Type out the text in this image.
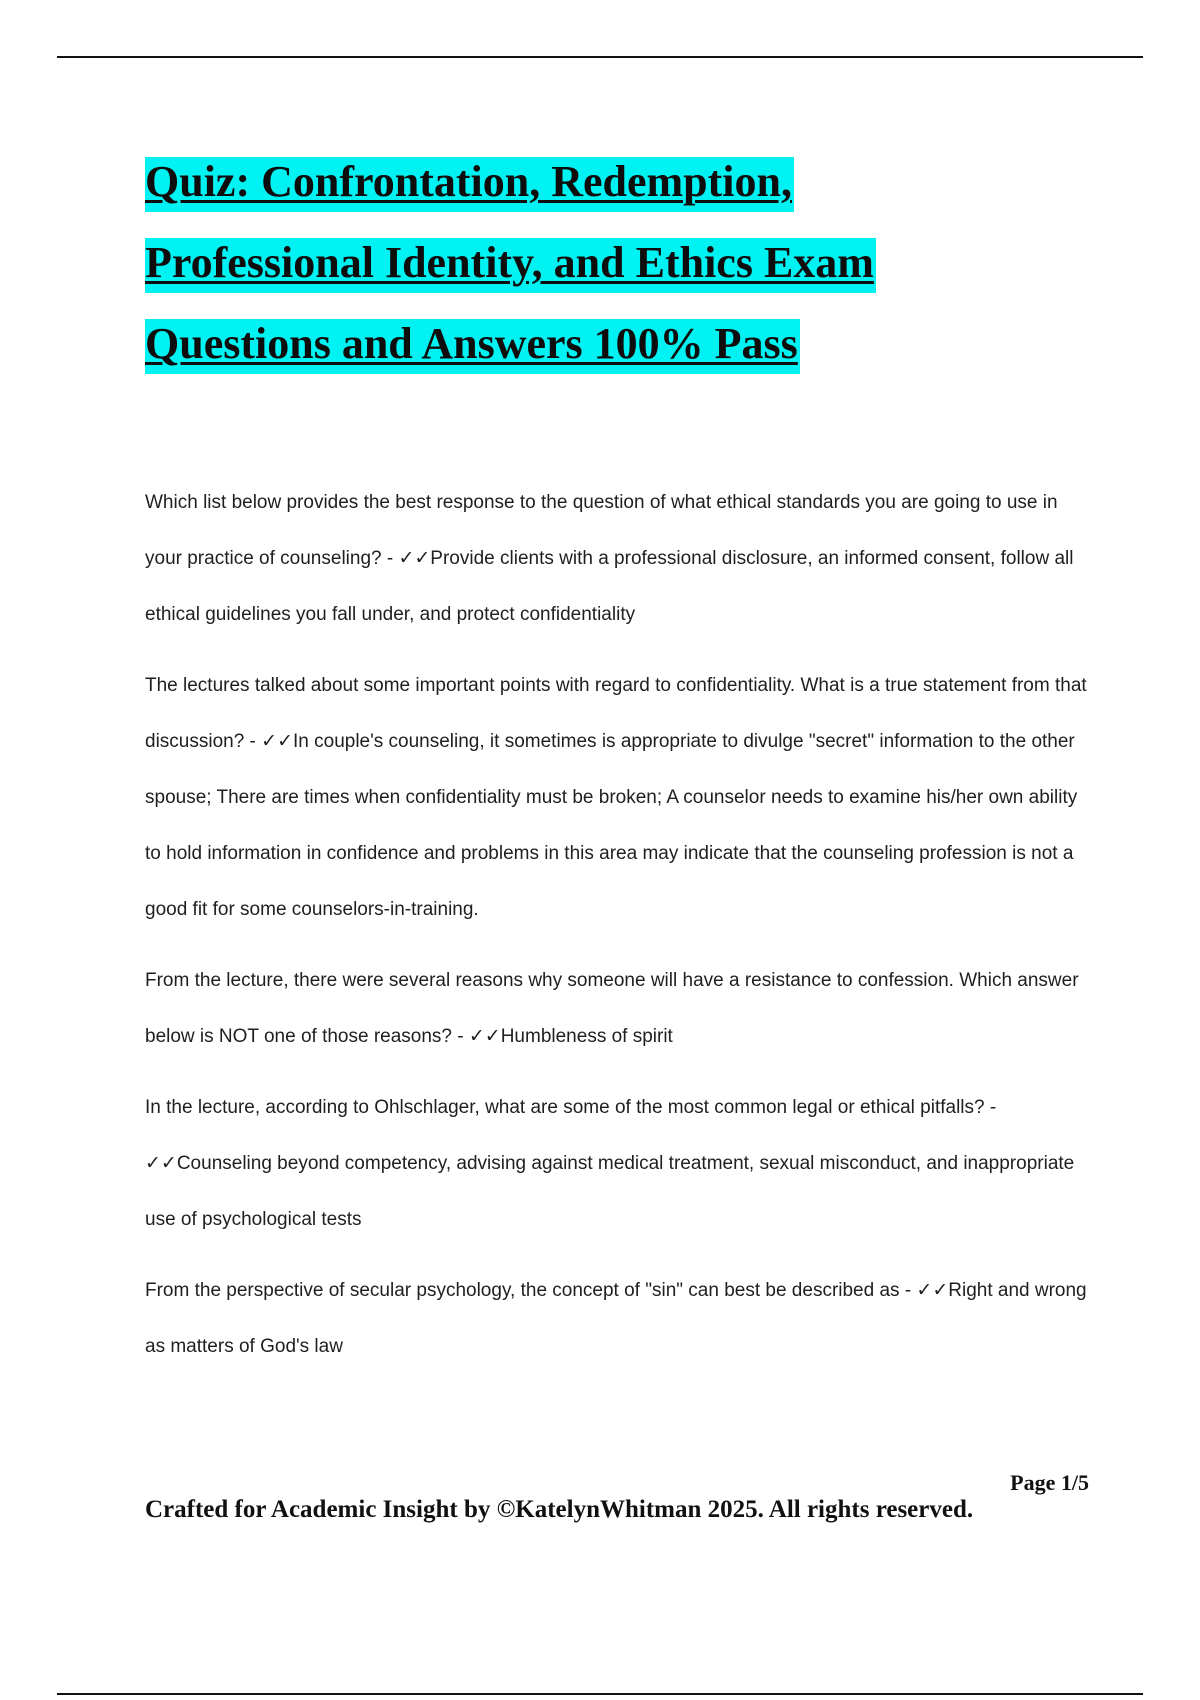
Quiz: Confrontation, Redemption,
Professional Identity, and Ethics Exam
Questions and Answers 100% Pass

Which list below provides the best response to the question of what ethical standards you are going to use in your practice of counseling? - ✓✓Provide clients with a professional disclosure, an informed consent, follow all ethical guidelines you fall under, and protect confidentiality

The lectures talked about some important points with regard to confidentiality. What is a true statement from that discussion? - ✓✓In couple's counseling, it sometimes is appropriate to divulge "secret" information to the other spouse; There are times when confidentiality must be broken; A counselor needs to examine his/her own ability to hold information in confidence and problems in this area may indicate that the counseling profession is not a good fit for some counselors-in-training.

From the lecture, there were several reasons why someone will have a resistance to confession. Which answer below is NOT one of those reasons? - ✓✓Humbleness of spirit

In the lecture, according to Ohlschlager, what are some of the most common legal or ethical pitfalls? - ✓✓Counseling beyond competency, advising against medical treatment, sexual misconduct, and inappropriate use of psychological tests

From the perspective of secular psychology, the concept of "sin" can best be described as - ✓✓Right and wrong as matters of God's law

Page 1/5

Crafted for Academic Insight by ©KatelynWhitman 2025. All rights reserved.
